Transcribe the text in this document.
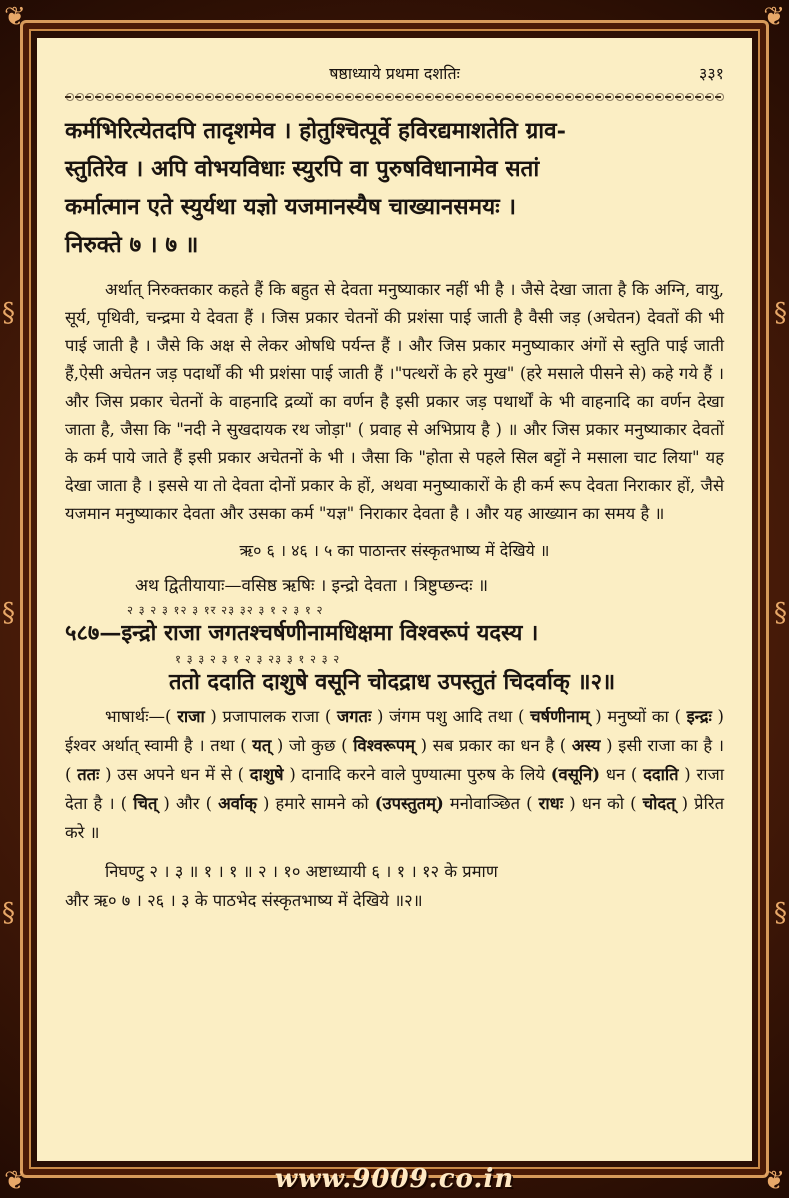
❦	❦
❦	❦
§
§
§
§
§
§
षष्ठाध्याये प्रथमा दशतिः	३३१

कर्मभिरित्येतदपि तादृशमेव । होतुश्चित्पूर्वे हविरद्यमाशतेति ग्राव-

स्तुतिरेव । अपि वोभयविधाः स्युरपि वा पुरुषविधानामेव सतां

कर्मात्मान एते स्युर्यथा यज्ञो यजमानस्यैष चाख्यानसमयः ।

निरुक्ते ७ । ७ ॥

अर्थात् निरुक्तकार कहते हैं कि बहुत से देवता मनुष्याकार नहीं भी है । जैसे देखा जाता है कि अग्नि, वायु, सूर्य, पृथिवी, चन्द्रमा ये देवता हैं । जिस प्रकार चेतनों की प्रशंसा पाई जाती है वैसी जड़ (अचेतन) देवतों की भी पाई जाती है । जैसे कि अक्ष से लेकर ओषधि पर्यन्त हैं । और जिस प्रकार मनुष्याकार अंगों से स्तुति पाई जाती हैं,ऐसी अचेतन जड़ पदार्थों की भी प्रशंसा पाई जाती हैं ।"पत्थरों के हरे मुख" (हरे मसाले पीसने से) कहे गये हैं । और जिस प्रकार चेतनों के वाहनादि द्रव्यों का वर्णन है इसी प्रकार जड़ पथार्थों के भी वाहनादि का वर्णन देखा जाता है, जैसा कि "नदी ने सुखदायक रथ जोड़ा" ( प्रवाह से अभिप्राय है ) ॥ और जिस प्रकार मनुष्याकार देवतों के कर्म पाये जाते हैं इसी प्रकार अचेतनों के भी । जैसा कि "होता से पहले सिल बट्टों ने मसाला चाट लिया" यह देखा जाता है । इससे या तो देवता दोनों प्रकार के हों, अथवा मनुष्याकारों के ही कर्म रूप देवता निराकार हों, जैसे यजमान मनुष्याकार देवता और उसका कर्म "यज्ञ" निराकार देवता है । और यह आख्यान का समय है ॥

ऋ० ६ । ४६ । ५ का पाठान्तर संस्कृतभाष्य में देखिये ॥

अथ द्वितीयायाः—वसिष्ठ ऋषिः । इन्द्रो देवता । त्रिष्टुप्छन्दः ॥

२ ३ २ ३ १२ ३ १र २३ ३२ ३ १ २ ३ १ २

५८७—इन्द्रो राजा जगतश्चर्षणीनामधिक्षमा विश्वरूपं यदस्य ।

१ ३ ३ २ ३ १ २ ३ २३ ३ १ २ ३ २

ततो ददाति दाशुषे वसूनि चोदद्राध उपस्तुतं चिदर्वाक् ॥२॥

भाषार्थः—( राजा ) प्रजापालक राजा ( जगतः ) जंगम पशु आदि तथा ( चर्षणीनाम् ) मनुष्यों का ( इन्द्रः ) ईश्वर अर्थात् स्वामी है । तथा ( यत् ) जो कुछ ( विश्वरूपम् ) सब प्रकार का धन है ( अस्य ) इसी राजा का है । ( ततः ) उस अपने धन में से ( दाशुषे ) दानादि करने वाले पुण्यात्मा पुरुष के लिये (वसूनि) धन ( ददाति ) राजा देता है । ( चित् ) और ( अर्वाक् ) हमारे सामने को (उपस्तुतम्) मनोवाञ्छित ( राधः ) धन को ( चोदत् ) प्रेरित करे ॥

निघण्टु २ । ३ ॥ १ । १ ॥ २ । १० अष्टाध्यायी ६ । १ । १२ के प्रमाण
और ऋ० ७ । २६ । ३ के पाठभेद संस्कृतभाष्य में देखिये ॥२॥
www.9009.co.in
